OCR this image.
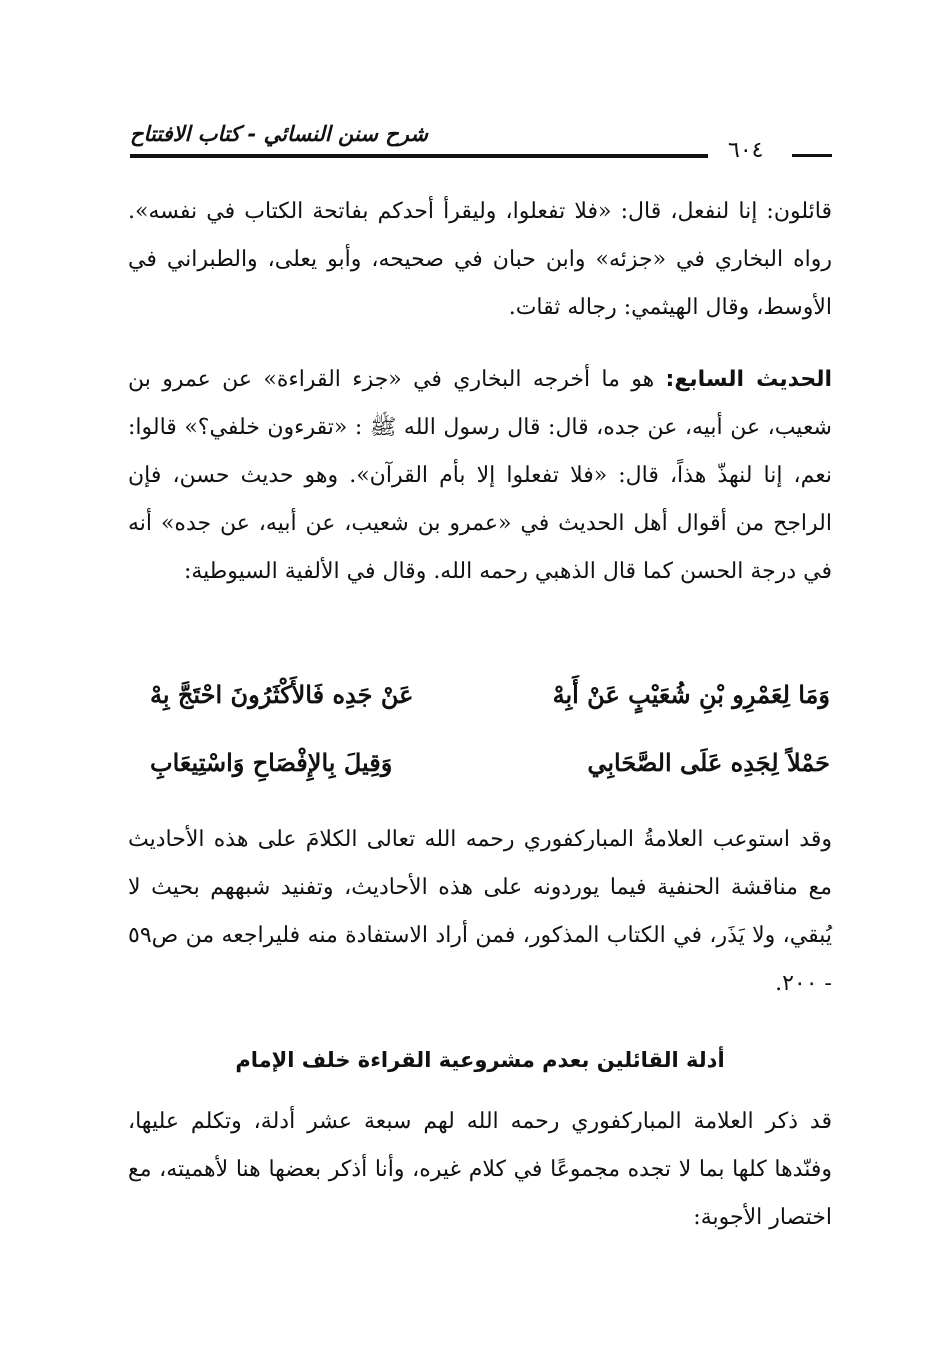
شرح سنن النسائي - كتاب الافتتاح
٦٠٤
قائلون: إنا لنفعل، قال: «فلا تفعلوا، وليقرأ أحدكم بفاتحة الكتاب في نفسه». رواه البخاري في «جزئه» وابن حبان في صحيحه، وأبو يعلى، والطبراني في الأوسط، وقال الهيثمي: رجاله ثقات.
الحديث السابع: هو ما أخرجه البخاري في «جزء القراءة» عن عمرو بن شعيب، عن أبيه، عن جده، قال: قال رسول الله ﷺ : «تقرءون خلفي؟» قالوا: نعم، إنا لنهذّ هذاً، قال: «فلا تفعلوا إلا بأم القرآن». وهو حديث حسن، فإن الراجح من أقوال أهل الحديث في «عمرو بن شعيب، عن أبيه، عن جده» أنه في درجة الحسن كما قال الذهبي رحمه الله. وقال في الألفية السيوطية:
وَمَا لِعَمْرِو بْنِ شُعَيْبٍ عَنْ أَبِهْ
عَنْ جَدِه فَالأَكْثَرُونَ احْتَجَّ بِهْ
حَمْلاً لِجَدِه عَلَى الصَّحَابِي
وَقِيلَ بِالإِفْصَاحِ وَاسْتِيعَابِ
وقد استوعب العلامةُ المباركفوري رحمه الله تعالى الكلامَ على هذه الأحاديث مع مناقشة الحنفية فيما يوردونه على هذه الأحاديث، وتفنيد شبههم بحيث لا يُبقي، ولا يَذَر، في الكتاب المذكور، فمن أراد الاستفادة منه فليراجعه من ص٥٩ - ٢٠٠.
أدلة القائلين بعدم مشروعية القراءة خلف الإمام
قد ذكر العلامة المباركفوري رحمه الله لهم سبعة عشر أدلة، وتكلم عليها، وفنّدها كلها بما لا تجده مجموعًا في كلام غيره، وأنا أذكر بعضها هنا لأهميته، مع اختصار الأجوبة:
